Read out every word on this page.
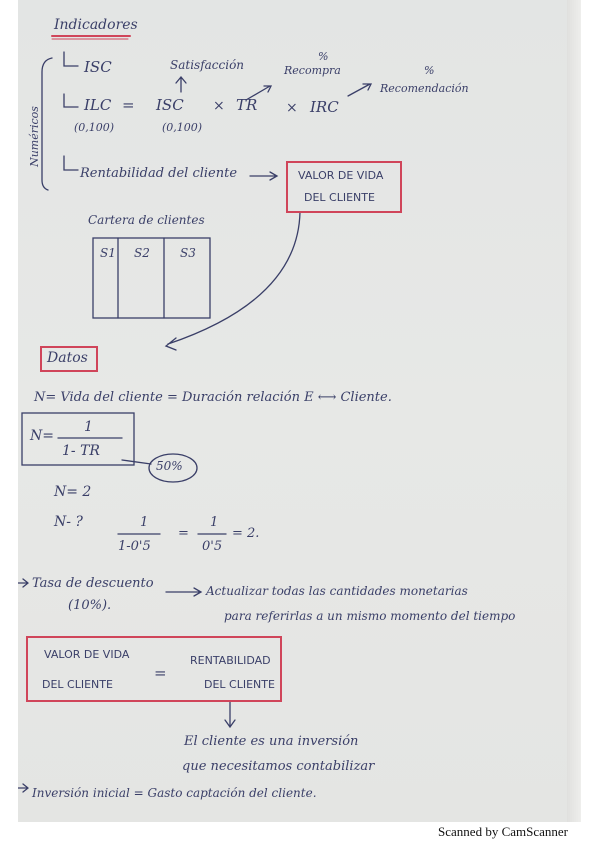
Indicadores
Numéricos
ISC	Satisfacción
%
Recompra	%
Recomendación
ILC = ISC × TR × IRC
(0,100)	(0,100)
Rentabilidad del cliente	VALOR DE VIDA
DEL CLIENTE
Cartera de clientes
S1 S2	S3
Datos
N= Vida del cliente = Duración relación E ⟷ Cliente.
N=
1
1- TR
50%
N= 2
N- ?	1
1-0'5
=
1
0'5
= 2.
Tasa de descuento
(10%).
Actualizar todas las cantidades monetarias
para referirlas a un mismo momento del tiempo
VALOR DE VIDA
DEL CLIENTE
=
RENTABILIDAD
DEL CLIENTE
El cliente es una inversión
que necesitamos contabilizar
Inversión inicial = Gasto captación del cliente.
Scanned by CamScanner
